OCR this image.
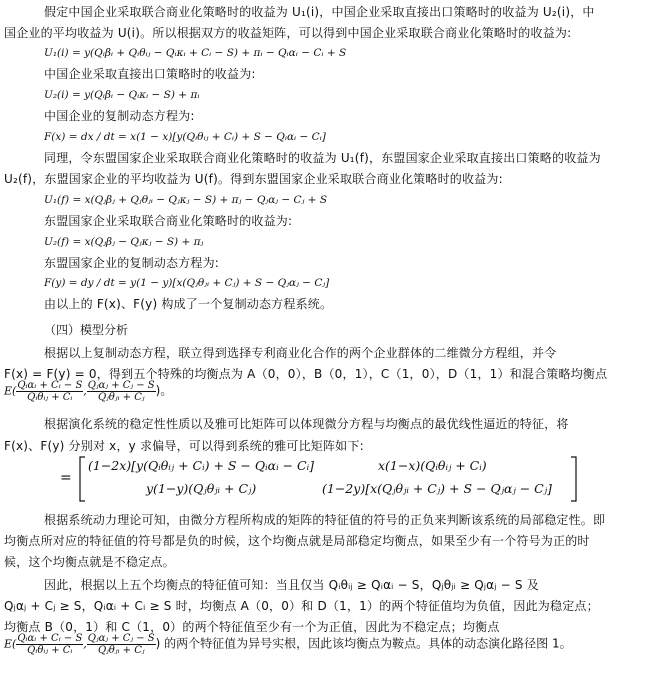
假定中国企业采取联合商业化策略时的收益为 U₁(i)，中国企业采取直接出口策略时的收益为 U₂(i)，中
国企业的平均收益为 U(i)。所以根据双方的收益矩阵，可以得到中国企业采取联合商业化策略时的收益为:
U₁(i) = y(Qᵢβᵢ + Qᵢθᵢⱼ − Qᵢκᵢ + Cᵢ − S) + πᵢ − Qᵢαᵢ − Cᵢ + S
中国企业采取直接出口策略时的收益为:
U₂(i) = y(Qᵢβᵢ − Qᵢκᵢ − S) + πᵢ
中国企业的复制动态方程为:
F(x) = dx / dt = x(1 − x)[y(Qᵢθᵢⱼ + Cᵢ) + S − Qᵢαᵢ − Cᵢ]
同理，令东盟国家企业采取联合商业化策略时的收益为 U₁(f)，东盟国家企业采取直接出口策略的收益为
U₂(f)，东盟国家企业的平均收益为 U(f)。得到东盟国家企业采取联合商业化策略时的收益为:
U₁(f) = x(Qⱼβⱼ + Qⱼθⱼᵢ − Qⱼκⱼ − S) + πⱼ − Qⱼαⱼ − Cⱼ + S
东盟国家企业采取联合商业化策略时的收益为:
U₂(f) = x(Qⱼβⱼ − Qⱼκⱼ − S) + πⱼ
东盟国家企业的复制动态方程为:
F(y) = dy / dt = y(1 − y)[x(Qⱼθⱼᵢ + Cⱼ) + S − Qⱼαⱼ − Cⱼ]
由以上的 F(x)、F(y) 构成了一个复制动态方程系统。
（四）模型分析
根据以上复制动态方程，联立得到选择专利商业化合作的两个企业群体的二维微分方程组，并令
F(x) = F(y) = 0，得到五个特殊的均衡点为 A（0，0），B（0，1），C（1，0），D（1，1）和混合策略均衡点
$E( \frac{\text{Qᵢαᵢ + Cᵢ − S}}{\text{Qᵢθᵢⱼ + Cᵢ}}$ , $\frac{\text{Qⱼαⱼ + Cⱼ − S}}{\text{Qⱼθⱼᵢ + Cⱼ}}$ )。
根据演化系统的稳定性性质以及雅可比矩阵可以体现微分方程与均衡点的最优线性逼近的特征，将
F(x)、F(y) 分别对 x，y 求偏导，可以得到系统的雅可比矩阵如下:
=
(1−2x)[y(Qᵢθᵢⱼ + Cᵢ) + S − Qᵢαᵢ − Cᵢ]	x(1−x)(Qᵢθᵢⱼ + Cᵢ)
y(1−y)(Qⱼθⱼᵢ + Cⱼ)	(1−2y)[x(Qⱼθⱼᵢ + Cⱼ) + S − Qⱼαⱼ − Cⱼ]
根据系统动力理论可知，由微分方程所构成的矩阵的特征值的符号的正负来判断该系统的局部稳定性。即
均衡点所对应的特征值的符号都是负的时候，这个均衡点就是局部稳定均衡点，如果至少有一个符号为正的时
候，这个均衡点就是不稳定点。
因此，根据以上五个均衡点的特征值可知：当且仅当 Qᵢθᵢⱼ ≥ Qᵢαᵢ − S，Qⱼθⱼᵢ ≥ Qⱼαⱼ − S 及
Qⱼαⱼ + Cⱼ ≥ S，Qᵢαᵢ + Cᵢ ≥ S 时，均衡点 A（0，0）和 D（1，1）的两个特征值均为负值，因此为稳定点；
均衡点 B（0，1）和 C（1，0）的两个特征值至少有一个为正值，因此为不稳定点；均衡点
$E( \frac{\text{Qᵢαᵢ + Cᵢ − S}}{\text{Qᵢθᵢⱼ + Cᵢ}}$ , $\frac{\text{Qⱼαⱼ + Cⱼ − S}}{\text{Qⱼθⱼᵢ + Cⱼ}}$ ) 的两个特征值为异号实根，因此该均衡点为鞍点。具体的动态演化路径图 1。
